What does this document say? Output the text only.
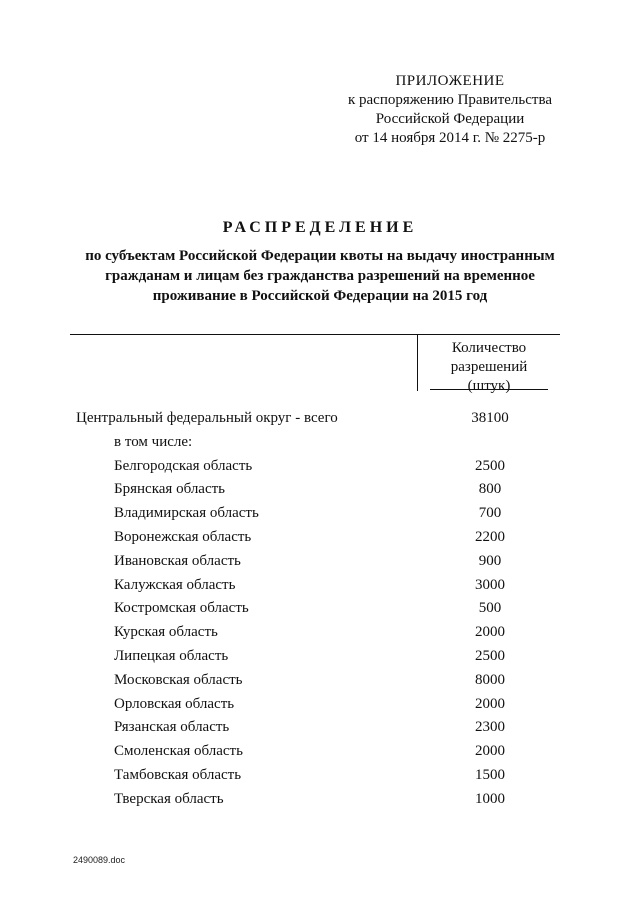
ПРИЛОЖЕНИЕ
к распоряжению Правительства
Российской Федерации
от 14 ноября 2014 г. № 2275-р
РАСПРЕДЕЛЕНИЕ
по субъектам Российской Федерации квоты на выдачу иностранным
гражданам и лицам без гражданства разрешений на временное
проживание в Российской Федерации на 2015 год
Количество
разрешений
(штук)
Центральный федеральный округ - всего	38100
в том числе:
Белгородская область	2500
Брянская область	800
Владимирская область	700
Воронежская область	2200
Ивановская область	900
Калужская область	3000
Костромская область	500
Курская область	2000
Липецкая область	2500
Московская область	8000
Орловская область	2000
Рязанская область	2300
Смоленская область	2000
Тамбовская область	1500
Тверская область	1000
2490089.doc
